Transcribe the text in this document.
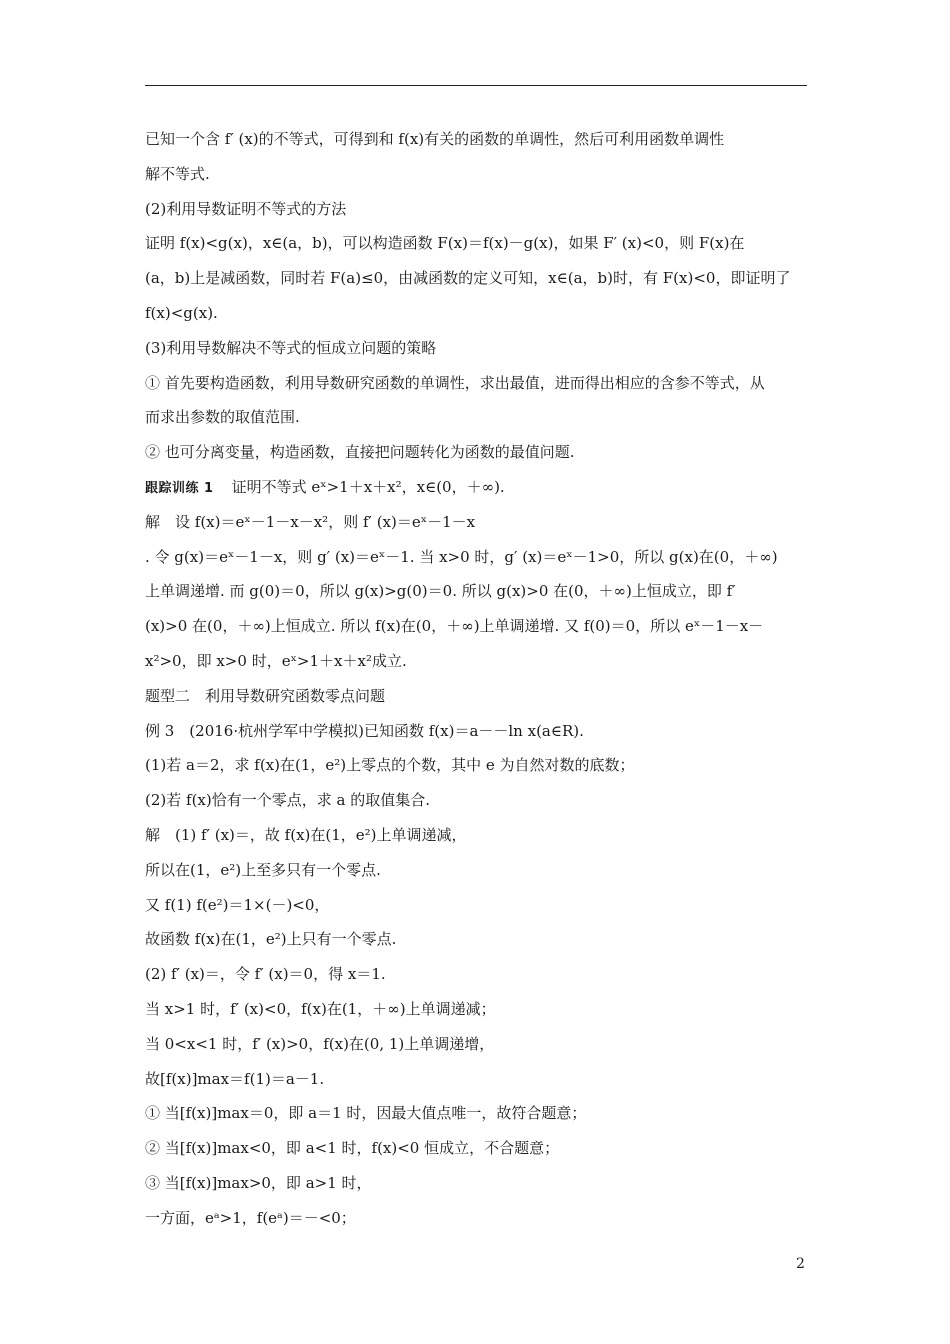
已知一个含 f′ (x)的不等式，可得到和 f(x)有关的函数的单调性，然后可利用函数单调性
解不等式.
(2)利用导数证明不等式的方法
证明 f(x)<g(x)，x∈(a，b)，可以构造函数 F(x)＝f(x)－g(x)，如果 F′ (x)<0，则 F(x)在
(a，b)上是减函数，同时若 F(a)≤0，由减函数的定义可知，x∈(a，b)时，有 F(x)<0，即证明了
f(x)<g(x).
(3)利用导数解决不等式的恒成立问题的策略
① 首先要构造函数，利用导数研究函数的单调性，求出最值，进而得出相应的含参不等式，从
而求出参数的取值范围.
② 也可分离变量，构造函数，直接把问题转化为函数的最值问题.
跟踪训练 1 证明不等式 eˣ>1＋x＋x²，x∈(0，＋∞).
解　设 f(x)＝eˣ－1－x－x²，则 f′ (x)＝eˣ－1－x
. 令 g(x)＝eˣ－1－x，则 g′ (x)＝eˣ－1. 当 x>0 时，g′ (x)＝eˣ－1>0，所以 g(x)在(0，＋∞)
上单调递增. 而 g(0)＝0，所以 g(x)>g(0)＝0. 所以 g(x)>0 在(0，＋∞)上恒成立，即 f′
(x)>0 在(0，＋∞)上恒成立. 所以 f(x)在(0，＋∞)上单调递增. 又 f(0)＝0，所以 eˣ－1－x－
x²>0，即 x>0 时，eˣ>1＋x＋x²成立.
题型二　利用导数研究函数零点问题
例 3　(2016·杭州学军中学模拟)已知函数 f(x)＝a－－ln x(a∈R).
(1)若 a＝2，求 f(x)在(1，e²)上零点的个数，其中 e 为自然对数的底数；
(2)若 f(x)恰有一个零点，求 a 的取值集合.
解　(1) f′ (x)＝，故 f(x)在(1，e²)上单调递减，
所以在(1，e²)上至多只有一个零点.
又 f(1) f(e²)＝1×(－)<0，
故函数 f(x)在(1，e²)上只有一个零点.
(2) f′ (x)＝，令 f′ (x)＝0，得 x＝1.
当 x>1 时，f′ (x)<0，f(x)在(1，＋∞)上单调递减；
当 0<x<1 时，f′ (x)>0，f(x)在(0, 1)上单调递增，
故[f(x)]max＝f(1)＝a－1.
① 当[f(x)]max＝0，即 a＝1 时，因最大值点唯一，故符合题意；
② 当[f(x)]max<0，即 a<1 时，f(x)<0 恒成立，不合题意；
③ 当[f(x)]max>0，即 a>1 时，
一方面，eᵃ>1，f(eᵃ)＝－<0；
2
